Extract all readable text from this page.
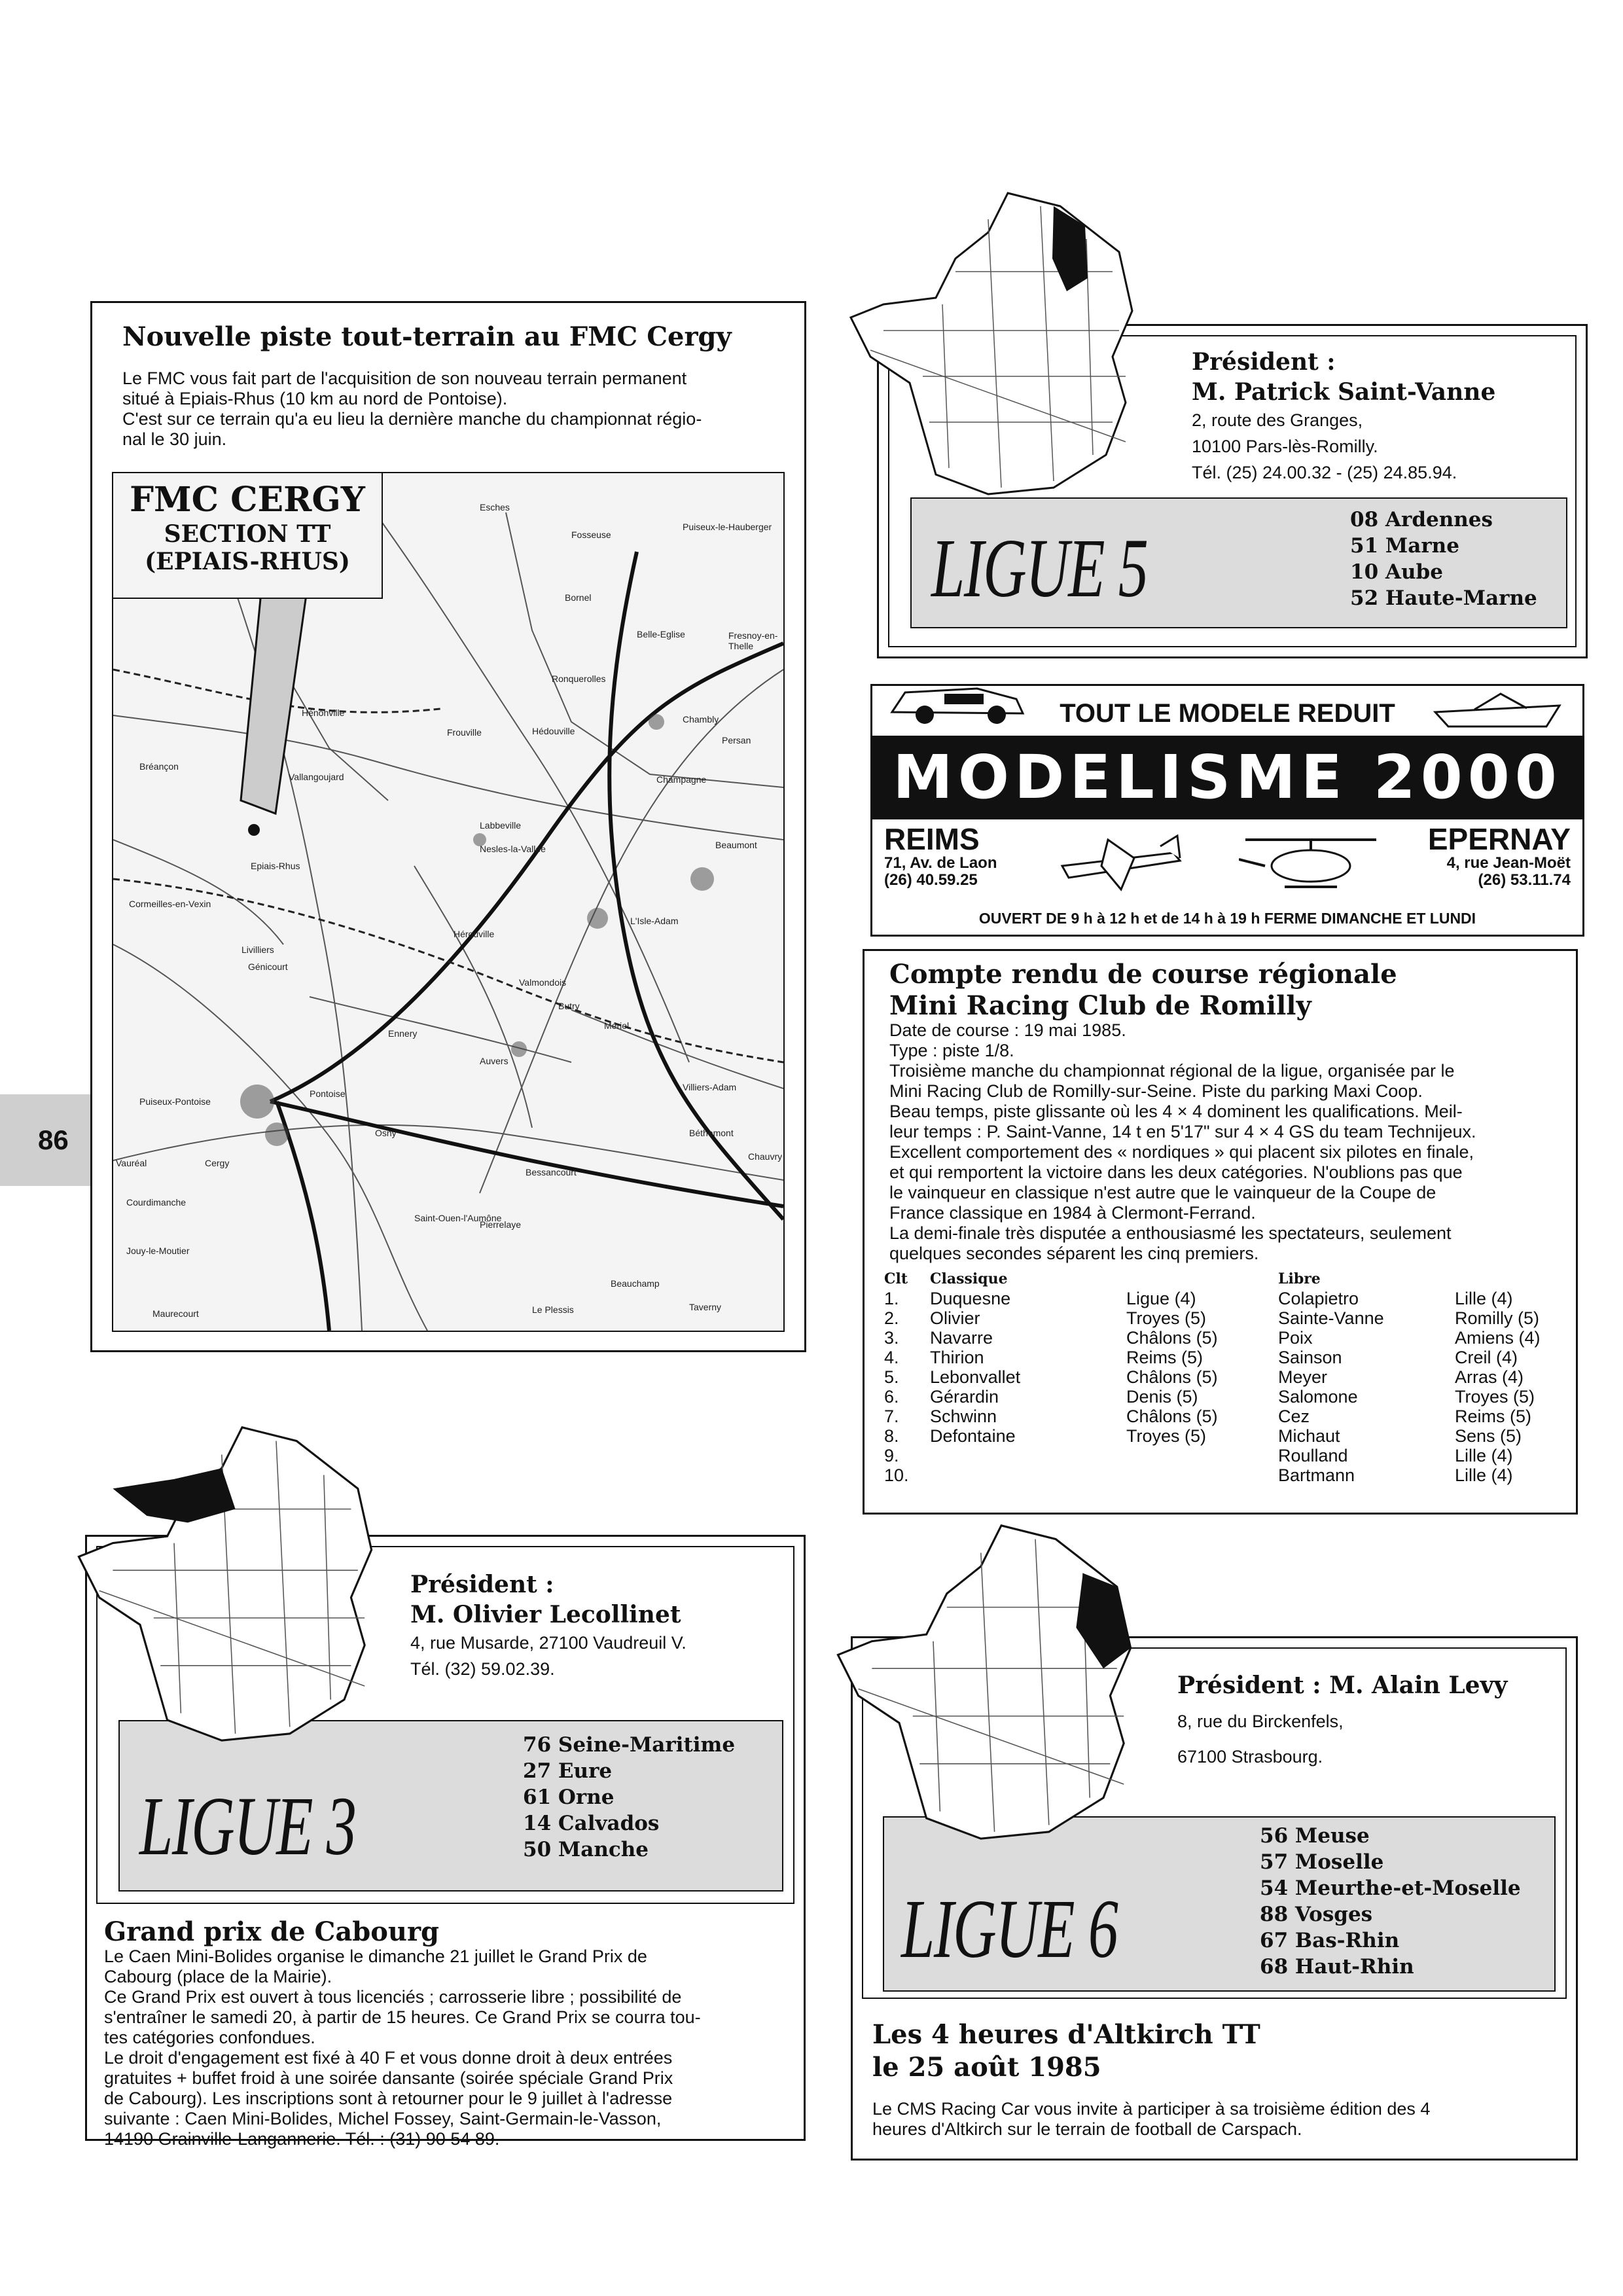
86
Nouvelle piste tout-terrain au FMC Cergy

Le FMC vous fait part de l'acquisition de son nouveau terrain permanent

situé à Epiais-Rhus (10 km au nord de Pontoise).

C'est sur ce terrain qu'a eu lieu la dernière manche du championnat régio-

nal le 30 juin.

FMC CERGY
SECTION TT
(EPIAIS-RHUS)
Esches
Fosseuse
Bornel
Puiseux-le-Hauberger
Belle-Eglise	Fresnoy-en-Thelle
Chambly
Ronquerolles
Hénonville
Frouville	Hédouville
Champagne
Persan
Bréançon
Vallangoujard
Epiais-Rhus
Labbeville
Nesles-la-Vallée	Beaumont
Cormeilles-en-Vexin
Hérouville
Ennery
Livilliers
Génicourt
Valmondois
L'Isle-Adam
Butry
Mériel
Auvers
Pontoise
Cergy
Osny
Villiers-Adam
Bessancourt
Taverny
Béthemont
Chauvry
Pierrelaye
Saint-Ouen-l'Aumône
Puiseux-Pontoise
Courdimanche
Jouy-le-Moutier
Maurecourt
Vauréal
Beauchamp
Le Plessis
Président :
M. Patrick Saint-Vanne
2, route des Granges,
10100 Pars-lès-Romilly.
Tél. (25) 24.00.32 - (25) 24.85.94.
LIGUE 5
08 Ardennes
51 Marne
10 Aube
52 Haute-Marne
TOUT LE MODELE REDUIT
MODELISME 2000
REIMS
71, Av. de Laon
(26) 40.59.25
EPERNAY
4, rue Jean-Moët
(26) 53.11.74
OUVERT DE 9 h à 12 h et de 14 h à 19 h FERME DIMANCHE ET LUNDI
Compte rendu de course régionale
Mini Racing Club de Romilly

Date de course : 19 mai 1985.

Type : piste 1/8.

Troisième manche du championnat régional de la ligue, organisée par le

Mini Racing Club de Romilly-sur-Seine. Piste du parking Maxi Coop.

Beau temps, piste glissante où les 4 × 4 dominent les qualifications. Meil-

leur temps : P. Saint-Vanne, 14 t en 5'17" sur 4 × 4 GS du team Technijeux.

Excellent comportement des « nordiques » qui placent six pilotes en finale,

et qui remportent la victoire dans les deux catégories. N'oublions pas que

le vainqueur en classique n'est autre que le vainqueur de la Coupe de

France classique en 1984 à Clermont-Ferrand.

La demi-finale très disputée a enthousiasmé les spectateurs, seulement

quelques secondes séparent les cinq premiers.

Clt	Classique		Libre	
1.	Duquesne	Ligue (4)	Colapietro	Lille (4)
2.	Olivier	Troyes (5)	Sainte-Vanne	Romilly (5)
3.	Navarre	Châlons (5)	Poix	Amiens (4)
4.	Thirion	Reims (5)	Sainson	Creil (4)
5.	Lebonvallet	Châlons (5)	Meyer	Arras (4)
6.	Gérardin	Denis (5)	Salomone	Troyes (5)
7.	Schwinn	Châlons (5)	Cez	Reims (5)
8.	Defontaine	Troyes (5)	Michaut	Sens (5)
9.			Roulland	Lille (4)
10.			Bartmann	Lille (4)
Président :
M. Olivier Lecollinet
4, rue Musarde, 27100 Vaudreuil V.
Tél. (32) 59.02.39.
LIGUE 3
76 Seine-Maritime
27 Eure
61 Orne
14 Calvados
50 Manche
Grand prix de Cabourg

Le Caen Mini-Bolides organise le dimanche 21 juillet le Grand Prix de

Cabourg (place de la Mairie).

Ce Grand Prix est ouvert à tous licenciés ; carrosserie libre ; possibilité de

s'entraîner le samedi 20, à partir de 15 heures. Ce Grand Prix se courra tou-

tes catégories confondues.

Le droit d'engagement est fixé à 40 F et vous donne droit à deux entrées

gratuites + buffet froid à une soirée dansante (soirée spéciale Grand Prix

de Cabourg). Les inscriptions sont à retourner pour le 9 juillet à l'adresse

suivante : Caen Mini-Bolides, Michel Fossey, Saint-Germain-le-Vasson,

14190 Grainville-Langannerie. Tél. : (31) 90 54 89.

Président : M. Alain Levy
8, rue du Birckenfels,
67100 Strasbourg.
LIGUE 6
56 Meuse
57 Moselle
54 Meurthe-et-Moselle
88 Vosges
67 Bas-Rhin
68 Haut-Rhin
Les 4 heures d'Altkirch TT
le 25 août 1985

Le CMS Racing Car vous invite à participer à sa troisième édition des 4

heures d'Altkirch sur le terrain de football de Carspach.
